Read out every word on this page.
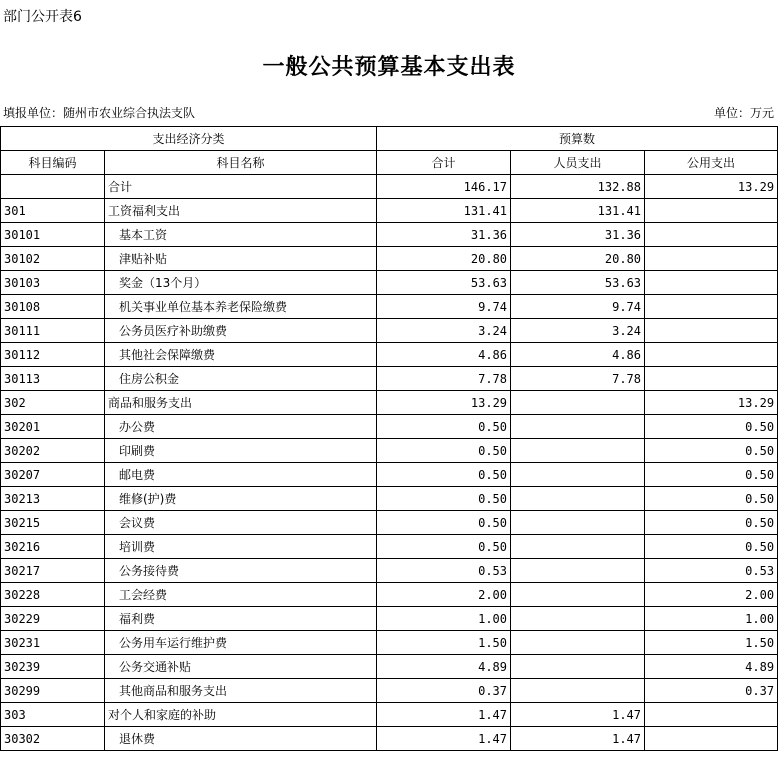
部门公开表6
一般公共预算基本支出表
填报单位：随州市农业综合执法支队	单位：万元
支出经济分类		预算数		
科目编码	科目名称	合计	人员支出	公用支出
	合计	146.17	132.88	13.29
301	工资福利支出	131.41	131.41	
30101	基本工资	31.36	31.36	
30102	津贴补贴	20.80	20.80	
30103	奖金（13个月）	53.63	53.63	
30108	机关事业单位基本养老保险缴费	9.74	9.74	
30111	公务员医疗补助缴费	3.24	3.24	
30112	其他社会保障缴费	4.86	4.86	
30113	住房公积金	7.78	7.78	
302	商品和服务支出	13.29		13.29
30201	办公费	0.50		0.50
30202	印刷费	0.50		0.50
30207	邮电费	0.50		0.50
30213	维修(护)费	0.50		0.50
30215	会议费	0.50		0.50
30216	培训费	0.50		0.50
30217	公务接待费	0.53		0.53
30228	工会经费	2.00		2.00
30229	福利费	1.00		1.00
30231	公务用车运行维护费	1.50		1.50
30239	公务交通补贴	4.89		4.89
30299	其他商品和服务支出	0.37		0.37
303	对个人和家庭的补助	1.47	1.47	
30302	退休费	1.47	1.47	
